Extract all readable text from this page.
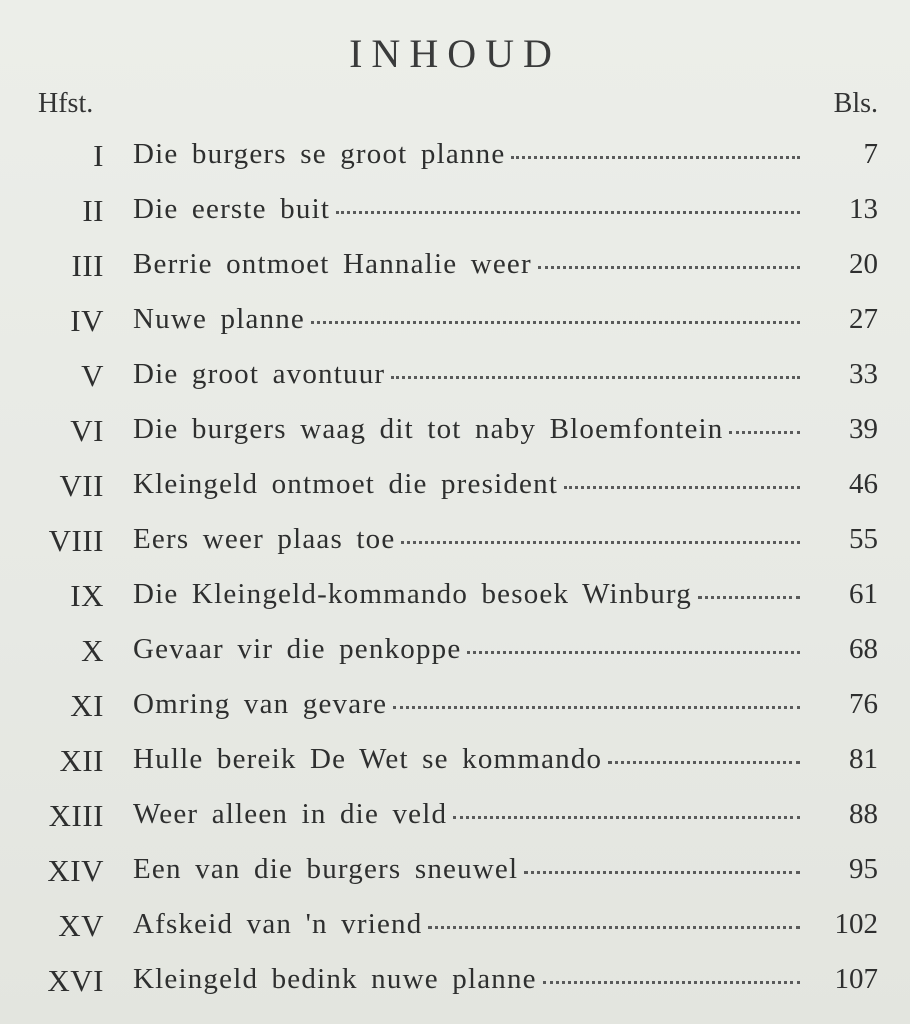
INHOUD
Hfst.	Bls.
I Die burgers se groot planne	7
II Die eerste buit	13
III Berrie ontmoet Hannalie weer	20
IV Nuwe planne	27
V Die groot avontuur	33
VI Die burgers waag dit tot naby Bloemfontein	39
VII Kleingeld ontmoet die president	46
VIII Eers weer plaas toe	55
IX Die Kleingeld-kommando besoek Winburg	61
X Gevaar vir die penkoppe	68
XI Omring van gevare	76
XII Hulle bereik De Wet se kommando	81
XIII Weer alleen in die veld	88
XIV Een van die burgers sneuwel	95
XV Afskeid van 'n vriend	102
XVI Kleingeld bedink nuwe planne	107
